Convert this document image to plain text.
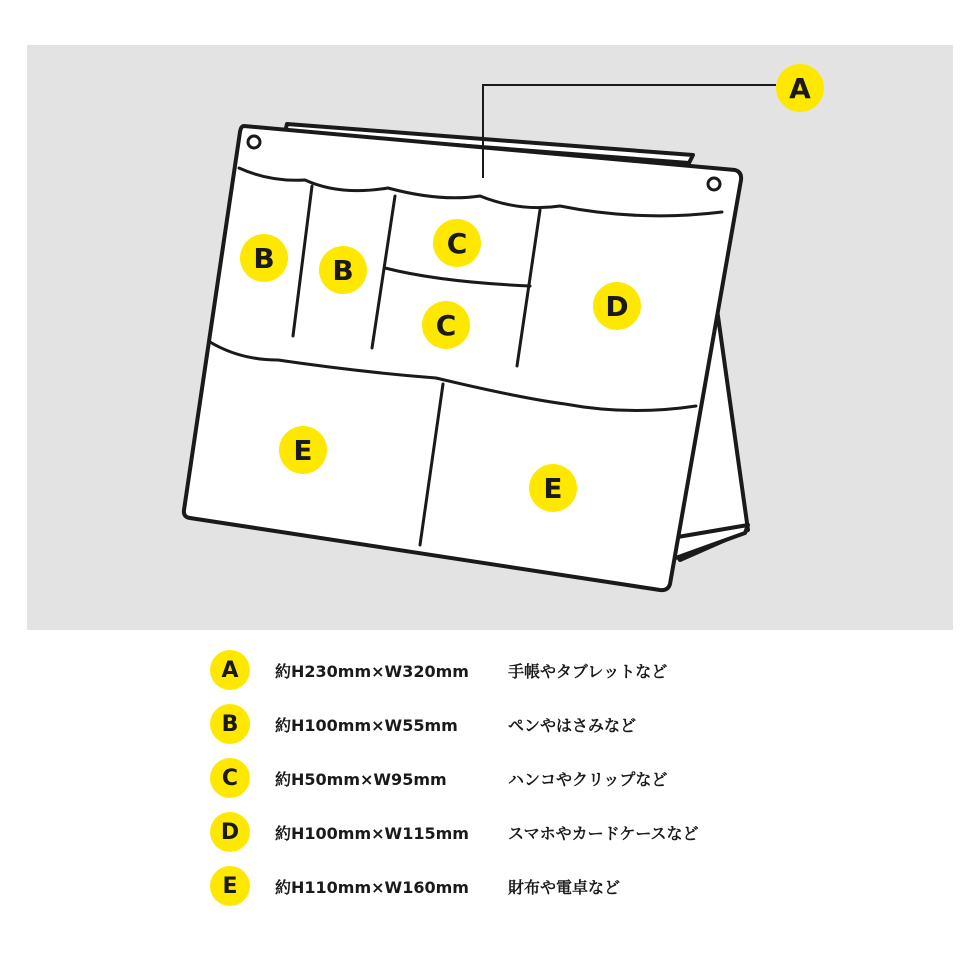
A
B B
C
C
D
E
E
A	約H230mm×W320mm 手帳やタブレットなど
B	約H100mm×W55mm	ペンやはさみなど
C	約H50mm×W95mm	ハンコやクリップなど
D	約H100mm×W115mm スマホやカードケースなど
E	約H110mm×W160mm 財布や電卓など
